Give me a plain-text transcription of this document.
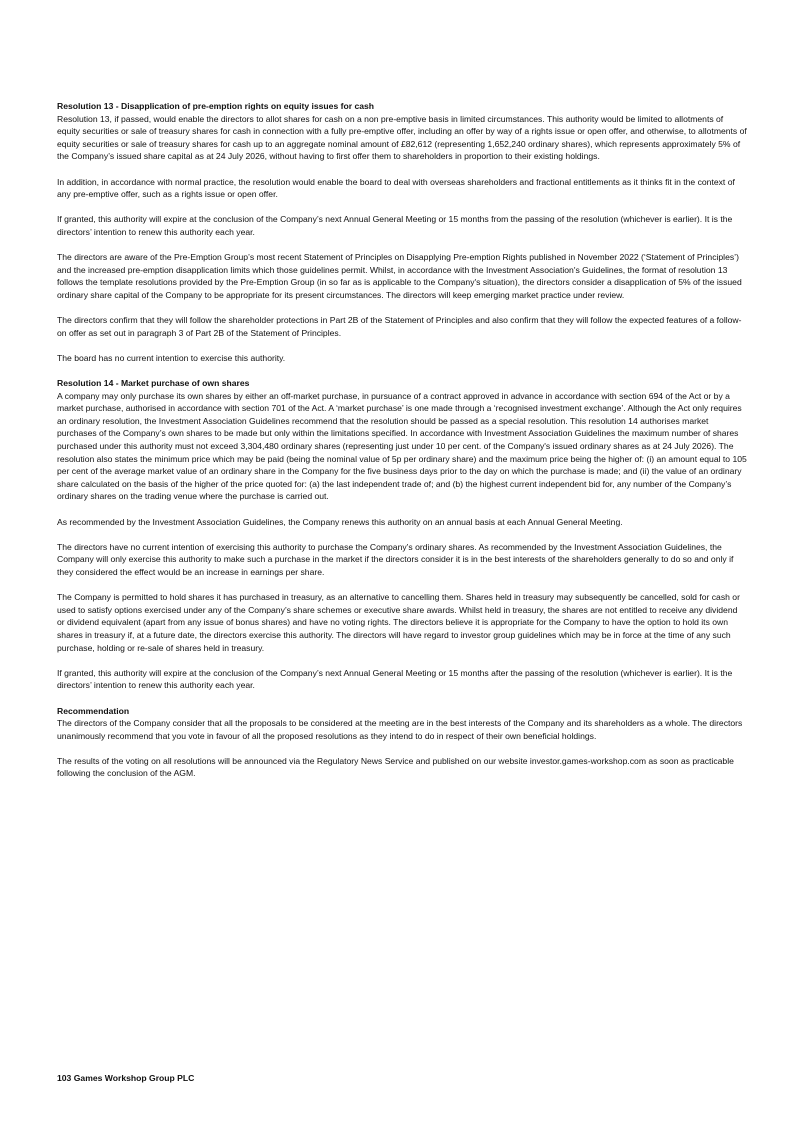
Resolution 13 - Disapplication of pre-emption rights on equity issues for cash

Resolution 13, if passed, would enable the directors to allot shares for cash on a non pre-emptive basis in limited circumstances. This authority would be limited to allotments of equity securities or sale of treasury shares for cash in connection with a fully pre-emptive offer, including an offer by way of a rights issue or open offer, and otherwise, to allotments of equity securities or sale of treasury shares for cash up to an aggregate nominal amount of £82,612 (representing 1,652,240 ordinary shares), which represents approximately 5% of the Company’s issued share capital as at 24 July 2026, without having to first offer them to shareholders in proportion to their existing holdings.

In addition, in accordance with normal practice, the resolution would enable the board to deal with overseas shareholders and fractional entitlements as it thinks fit in the context of any pre-emptive offer, such as a rights issue or open offer.

If granted, this authority will expire at the conclusion of the Company’s next Annual General Meeting or 15 months from the passing of the resolution (whichever is earlier). It is the directors’ intention to renew this authority each year.

The directors are aware of the Pre-Emption Group’s most recent Statement of Principles on Disapplying Pre-emption Rights published in November 2022 (‘Statement of Principles’) and the increased pre-emption disapplication limits which those guidelines permit. Whilst, in accordance with the Investment Association's Guidelines, the format of resolution 13 follows the template resolutions provided by the Pre-Emption Group (in so far as is applicable to the Company's situation), the directors consider a disapplication of 5% of the issued ordinary share capital of the Company to be appropriate for its present circumstances. The directors will keep emerging market practice under review.

The directors confirm that they will follow the shareholder protections in Part 2B of the Statement of Principles and also confirm that they will follow the expected features of a follow-on offer as set out in paragraph 3 of Part 2B of the Statement of Principles.

The board has no current intention to exercise this authority.

Resolution 14 - Market purchase of own shares

A company may only purchase its own shares by either an off-market purchase, in pursuance of a contract approved in advance in accordance with section 694 of the Act or by a market purchase, authorised in accordance with section 701 of the Act. A ‘market purchase’ is one made through a ‘recognised investment exchange’. Although the Act only requires an ordinary resolution, the Investment Association Guidelines recommend that the resolution should be passed as a special resolution. This resolution 14 authorises market purchases of the Company’s own shares to be made but only within the limitations specified. In accordance with Investment Association Guidelines the maximum number of shares purchased under this authority must not exceed 3,304,480 ordinary shares (representing just under 10 per cent. of the Company's issued ordinary shares as at 24 July 2026). The resolution also states the minimum price which may be paid (being the nominal value of 5p per ordinary share) and the maximum price being the higher of: (i) an amount equal to 105 per cent of the average market value of an ordinary share in the Company for the five business days prior to the day on which the purchase is made; and (ii) the value of an ordinary share calculated on the basis of the higher of the price quoted for: (a) the last independent trade of; and (b) the highest current independent bid for, any number of the Company’s ordinary shares on the trading venue where the purchase is carried out.

As recommended by the Investment Association Guidelines, the Company renews this authority on an annual basis at each Annual General Meeting.

The directors have no current intention of exercising this authority to purchase the Company’s ordinary shares. As recommended by the Investment Association Guidelines, the Company will only exercise this authority to make such a purchase in the market if the directors consider it is in the best interests of the shareholders generally to do so and only if they considered the effect would be an increase in earnings per share.

The Company is permitted to hold shares it has purchased in treasury, as an alternative to cancelling them. Shares held in treasury may subsequently be cancelled, sold for cash or used to satisfy options exercised under any of the Company’s share schemes or executive share awards. Whilst held in treasury, the shares are not entitled to receive any dividend or dividend equivalent (apart from any issue of bonus shares) and have no voting rights. The directors believe it is appropriate for the Company to have the option to hold its own shares in treasury if, at a future date, the directors exercise this authority. The directors will have regard to investor group guidelines which may be in force at the time of any such purchase, holding or re-sale of shares held in treasury.

If granted, this authority will expire at the conclusion of the Company’s next Annual General Meeting or 15 months after the passing of the resolution (whichever is earlier). It is the directors’ intention to renew this authority each year.

Recommendation

The directors of the Company consider that all the proposals to be considered at the meeting are in the best interests of the Company and its shareholders as a whole. The directors unanimously recommend that you vote in favour of all the proposed resolutions as they intend to do in respect of their own beneficial holdings.

The results of the voting on all resolutions will be announced via the Regulatory News Service and published on our website investor.games-workshop.com as soon as practicable following the conclusion of the AGM.

103 Games Workshop Group PLC
